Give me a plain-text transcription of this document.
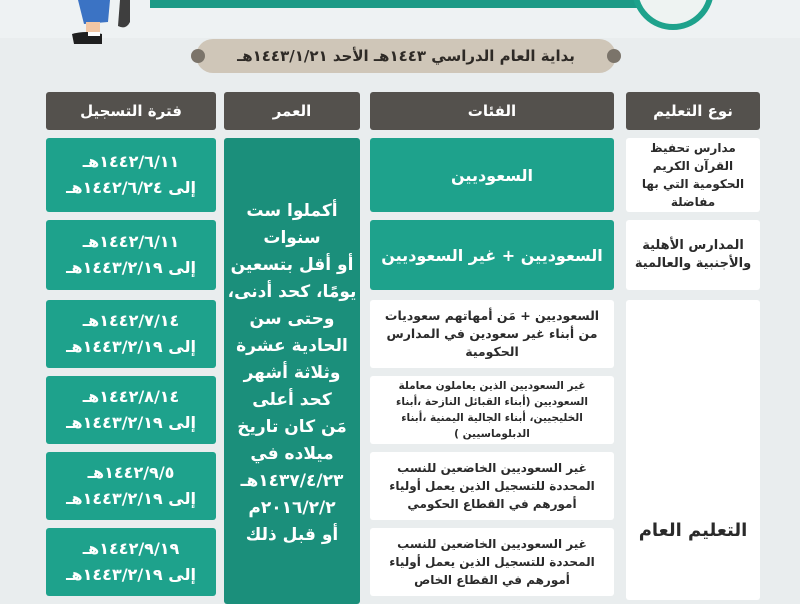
بداية العام الدراسي ١٤٤٣هـ الأحد ١٤٤٣/١/٢١هـ
نوع التعليم
الفئات
العمر
فترة التسجيل
أكملوا ست
سنوات
أو أقل بتسعين
يومًا، كحد أدنى،
وحتى سن
الحادية عشرة
وثلاثة أشهر
كحد أعلى
مَن كان تاريخ
ميلاده في
١٤٣٧/٤/٢٣هـ
٢٠١٦/٢/٢م
أو قبل ذلك
مدارس تحفيظ القرآن الكريم الحكومية التي بها مفاضلة
السعوديين
١٤٤٢/٦/١١هـ
إلى ١٤٤٢/٦/٢٤هـ
المدارس الأهلية والأجنبية والعالمية
السعوديين + غير السعوديين
١٤٤٢/٦/١١هـ
إلى ١٤٤٣/٢/١٩هـ
التعليم العام
السعوديين + مَن أمهاتهم سعوديات من أبناء غير سعودين في المدارس الحكومية
١٤٤٢/٧/١٤هـ
إلى ١٤٤٣/٢/١٩هـ
غير السعوديين الذين يعاملون معاملة السعوديين (أبناء القبائل النازحة ،أبناء الخليجيين، أبناء الجالية اليمنية ،أبناء الدبلوماسيين )
١٤٤٢/٨/١٤هـ
إلى ١٤٤٣/٢/١٩هـ
غير السعوديين الخاضعين للنسب المحددة للتسجيل الذين يعمل أولياء أمورهم في القطاع الحكومي
١٤٤٢/٩/٥هـ
إلى ١٤٤٣/٢/١٩هـ
غير السعوديين الخاضعين للنسب المحددة للتسجيل الذين يعمل أولياء أمورهم في القطاع الخاص
١٤٤٢/٩/١٩هـ
إلى ١٤٤٣/٢/١٩هـ
